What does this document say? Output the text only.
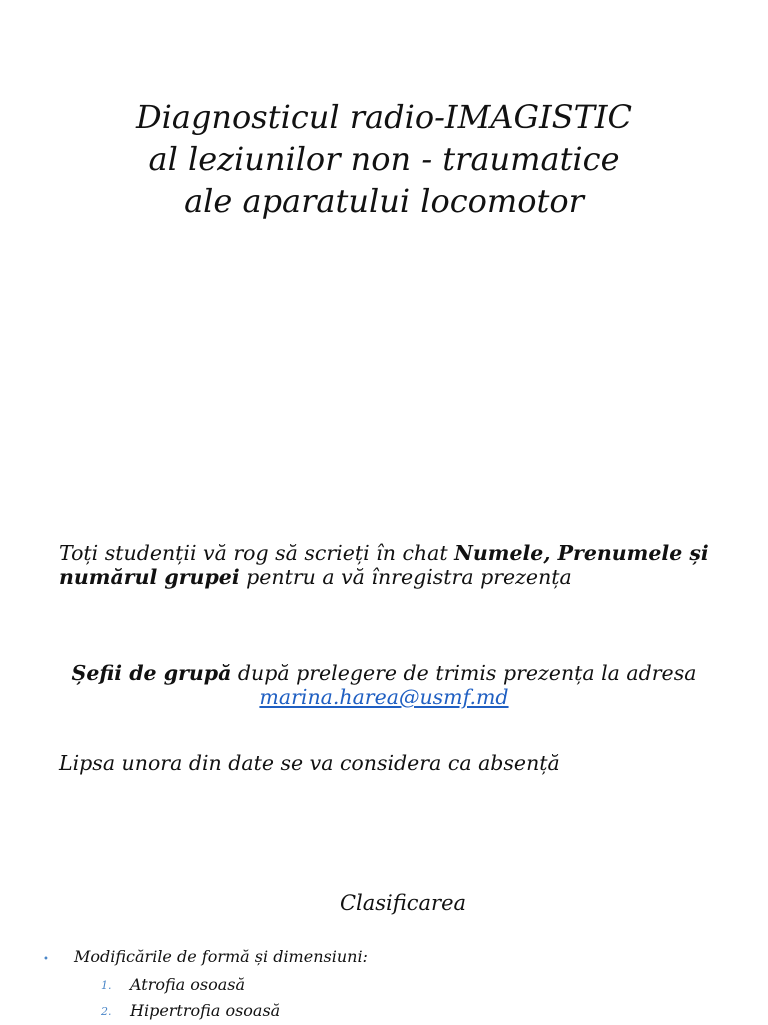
Diagnosticul radio-IMAGISTIC
al leziunilor non - traumatice
ale aparatului locomotor

Toți studenții vă rog să scrieți în chat Numele, Prenumele și numărul grupei pentru a vă înregistra prezența

Șefii de grupă după prelegere de trimis prezența la adresa
marina.harea@usmf.md

Lipsa unora din date se va considera ca absență

Clasificarea
• Modificările de formă și dimensiuni:
1. Atrofia osoasă
2. Hipertrofia osoasă
